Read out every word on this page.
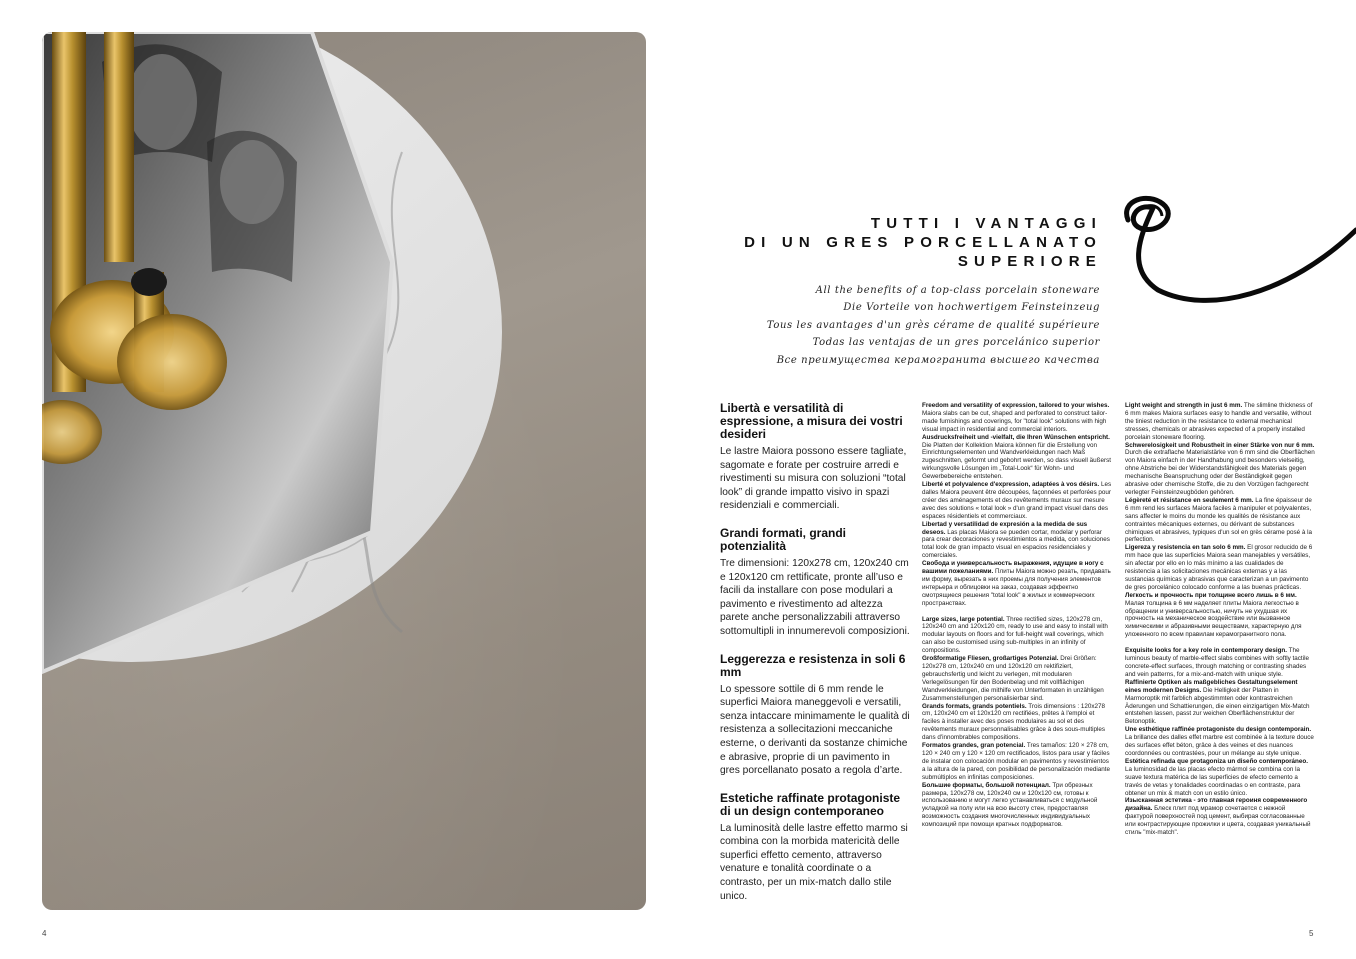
TUTTI I VANTAGGI
DI UN GRES PORCELLANATO
SUPERIORE
All the benefits of a top-class porcelain stoneware
Die Vorteile von hochwertigem Feinsteinzeug
Tous les avantages d'un grès cérame de qualité supérieure
Todas las ventajas de un gres porcelánico superior
Все преимущества керамогранита высшего качества
Libertà e versatilità di espressione, a misura dei vostri desideri

Le lastre Maiora possono essere tagliate, sagomate e forate per costruire arredi e rivestimenti su misura con soluzioni “total look” di grande impatto visivo in spazi residenziali e commerciali.

Grandi formati, grandi potenzialità

Tre dimensioni: 120x278 cm, 120x240 cm e 120x120 cm rettificate, pronte all’uso e facili da installare con pose modulari a pavimento e rivestimento ad altezza parete anche personalizzabili attraverso sottomultipli in innumerevoli composizioni.

Leggerezza e resistenza in soli 6 mm

Lo spessore sottile di 6 mm rende le superfici Maiora maneggevoli e versatili, senza intaccare minimamente le qualità di resistenza a sollecitazioni meccaniche esterne, o derivanti da sostanze chimiche e abrasive, proprie di un pavimento in gres porcellanato posato a regola d’arte.

Estetiche raffinate protagoniste di un design contemporaneo

La luminosità delle lastre effetto marmo si combina con la morbida matericità delle superfici effetto cemento, attraverso venature e tonalità coordinate o a contrasto, per un mix-match dallo stile unico.

Freedom and versatility of expression, tailored to your wishes. Maiora slabs can be cut, shaped and perforated to construct tailor-made furnishings and coverings, for "total look" solutions with high visual impact in residential and commercial interiors.

Ausdrucksfreiheit und -vielfalt, die Ihren Wünschen entspricht. Die Platten der Kollektion Maiora können für die Erstellung von Einrichtungselementen und Wandverkleidungen nach Maß zugeschnitten, geformt und gebohrt werden, so dass visuell äußerst wirkungsvolle Lösungen im „Total-Look“ für Wohn- und Gewerbebereiche entstehen.

Liberté et polyvalence d'expression, adaptées à vos désirs. Les dalles Maiora peuvent être découpées, façonnées et perforées pour créer des aménagements et des revêtements muraux sur mesure avec des solutions « total look » d'un grand impact visuel dans des espaces résidentiels et commerciaux.

Libertad y versatilidad de expresión a la medida de sus deseos. Las placas Maiora se pueden cortar, modelar y perforar para crear decoraciones y revestimientos a medida, con soluciones total look de gran impacto visual en espacios residenciales y comerciales.

Свобода и универсальность выражения, идущие в ногу с вашими пожеланиями. Плиты Maiora можно резать, придавать им форму, вырезать в них проемы для получения элементов интерьера и облицовки на заказ, создавая эффектно смотрящиеся решения "total look" в жилых и коммерческих пространствах.

Large sizes, large potential. Three rectified sizes, 120x278 cm, 120x240 cm and 120x120 cm, ready to use and easy to install with modular layouts on floors and for full-height wall coverings, which can also be customised using sub-multiples in an infinity of compositions.

Großformatige Fliesen, großartiges Potenzial. Drei Größen: 120x278 cm, 120x240 cm und 120x120 cm rektifiziert, gebrauchsfertig und leicht zu verlegen, mit modularen Verlegelösungen für den Bodenbelag und mit vollflächigen Wandverkleidungen, die mithilfe von Unterformaten in unzähligen Zusammenstellungen personalisierbar sind.

Grands formats, grands potentiels. Trois dimensions : 120x278 cm, 120x240 cm et 120x120 cm rectifiées, prêtes à l'emploi et faciles à installer avec des poses modulaires au sol et des revêtements muraux personnalisables grâce à des sous-multiples dans d'innombrables compositions.

Formatos grandes, gran potencial. Tres tamaños: 120 × 278 cm, 120 × 240 cm y 120 × 120 cm rectificados, listos para usar y fáciles de instalar con colocación modular en pavimentos y revestimientos a la altura de la pared, con posibilidad de personalización mediante submúltiplos en infinitas composiciones.

Большие форматы, большой потенциал. Три обрезных размера, 120x278 см, 120x240 см и 120x120 см, готовы к использованию и могут легко устанавливаться с модульной укладкой на полу или на всю высоту стен, предоставляя возможность создания многочисленных индивидуальных композиций при помощи кратных подформатов.

Light weight and strength in just 6 mm. The slimline thickness of 6 mm makes Maiora surfaces easy to handle and versatile, without the tiniest reduction in the resistance to external mechanical stresses, chemicals or abrasives expected of a properly installed porcelain stoneware flooring.

Schwerelosigkeit und Robustheit in einer Stärke von nur 6 mm. Durch die extraflache Materialstärke von 6 mm sind die Oberflächen von Maiora einfach in der Handhabung und besonders vielseitig, ohne Abstriche bei der Widerstandsfähigkeit des Materials gegen mechanische Beanspruchung oder der Beständigkeit gegen abrasive oder chemische Stoffe, die zu den Vorzügen fachgerecht verlegter Feinsteinzeugböden gehören.

Légèreté et résistance en seulement 6 mm. La fine épaisseur de 6 mm rend les surfaces Maiora faciles à manipuler et polyvalentes, sans affecter le moins du monde les qualités de résistance aux contraintes mécaniques externes, ou dérivant de substances chimiques et abrasives, typiques d'un sol en grès cérame posé à la perfection.

Ligereza y resistencia en tan solo 6 mm. El grosor reducido de 6 mm hace que las superficies Maiora sean manejables y versátiles, sin afectar por ello en lo más mínimo a las cualidades de resistencia a las solicitaciones mecánicas externas y a las sustancias químicas y abrasivas que caracterizan a un pavimento de gres porcelánico colocado conforme a las buenas prácticas.

Легкость и прочность при толщине всего лишь в 6 мм. Малая толщина в 6 мм наделяет плиты Maiora легкостью в обращении и универсальностью, ничуть не ухудшая их прочность на механическое воздействие или вызванное химическими и абразивными веществами, характерную для уложенного по всем правилам керамогранитного пола.

Exquisite looks for a key role in contemporary design. The luminous beauty of marble-effect slabs combines with softly tactile concrete-effect surfaces, through matching or contrasting shades and vein patterns, for a mix-and-match with unique style.

Raffinierte Optiken als maßgebliches Gestaltungselement eines modernen Designs. Die Helligkeit der Platten in Marmoroptik mit farblich abgestimmten oder kontrastreichen Äderungen und Schattierungen, die einen einzigartigen Mix-Match entstehen lassen, passt zur weichen Oberflächenstruktur der Betonoptik.

Une esthétique raffinée protagoniste du design contemporain. La brillance des dalles effet marbre est combinée à la texture douce des surfaces effet béton, grâce à des veines et des nuances coordonnées ou contrastées, pour un mélange au style unique.

Estética refinada que protagoniza un diseño contemporáneo. La luminosidad de las placas efecto mármol se combina con la suave textura matérica de las superficies de efecto cemento a través de vetas y tonalidades coordinadas o en contraste, para obtener un mix & match con un estilo único.

Изысканная эстетика - это главная героиня современного дизайна. Блеск плит под мрамор сочетается с нежной фактурой поверхностей под цемент, выбирая согласованные или контрастирующие прожилки и цвета, создавая уникальный стиль "mix-match".

4	5
